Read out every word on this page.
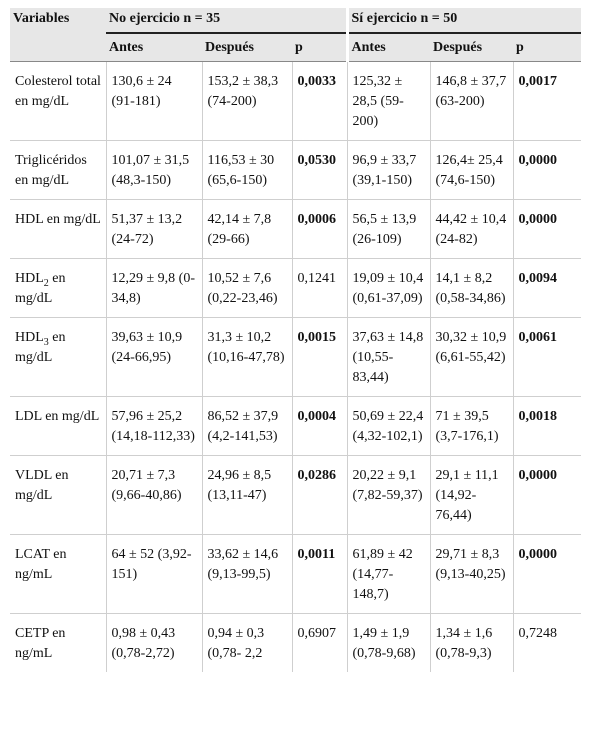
Variables	No ejercicio n = 35			Sí ejercicio n = 50		
	Antes	Después	p	Antes	Después	p
Colesterol total en mg/dL	130,6 ± 24 (91-181)	153,2 ± 38,3 (74-200)	0,0033	125,32 ± 28,5 (59-200)	146,8 ± 37,7 (63-200)	0,0017
Triglicéridos en mg/dL	101,07 ± 31,5 (48,3-150)	116,53 ± 30 (65,6-150)	0,0530	96,9 ± 33,7 (39,1-150)	126,4± 25,4 (74,6-150)	0,0000
HDL en mg/dL	51,37 ± 13,2 (24-72)	42,14 ± 7,8 (29-66)	0,0006	56,5 ± 13,9 (26-109)	44,42 ± 10,4 (24-82)	0,0000
$HDL_2$ en mg/dL	12,29 ± 9,8 (0-34,8)	10,52 ± 7,6 (0,22-23,46)	0,1241	19,09 ± 10,4 (0,61-37,09)	14,1 ± 8,2 (0,58-34,86)	0,0094
$HDL_3$ en mg/dL	39,63 ± 10,9 (24-66,95)	31,3 ± 10,2 (10,16-47,78)	0,0015	37,63 ± 14,8 (10,55-83,44)	30,32 ± 10,9 (6,61-55,42)	0,0061
LDL en mg/dL	57,96 ± 25,2 (14,18-112,33)	86,52 ± 37,9 (4,2-141,53)	0,0004	50,69 ± 22,4 (4,32-102,1)	71 ± 39,5 (3,7-176,1)	0,0018
VLDL en mg/dL	20,71 ± 7,3 (9,66-40,86)	24,96 ± 8,5 (13,11-47)	0,0286	20,22 ± 9,1 (7,82-59,37)	29,1 ± 11,1 (14,92-76,44)	0,0000
LCAT en ng/mL	64 ± 52 (3,92-151)	33,62 ± 14,6 (9,13-99,5)	0,0011	61,89 ± 42 (14,77-148,7)	29,71 ± 8,3 (9,13-40,25)	0,0000
CETP en ng/mL	0,98 ± 0,43 (0,78-2,72)	0,94 ± 0,3 (0,78- 2,2	0,6907	1,49 ± 1,9 (0,78-9,68)	1,34 ± 1,6 (0,78-9,3)	0,7248
